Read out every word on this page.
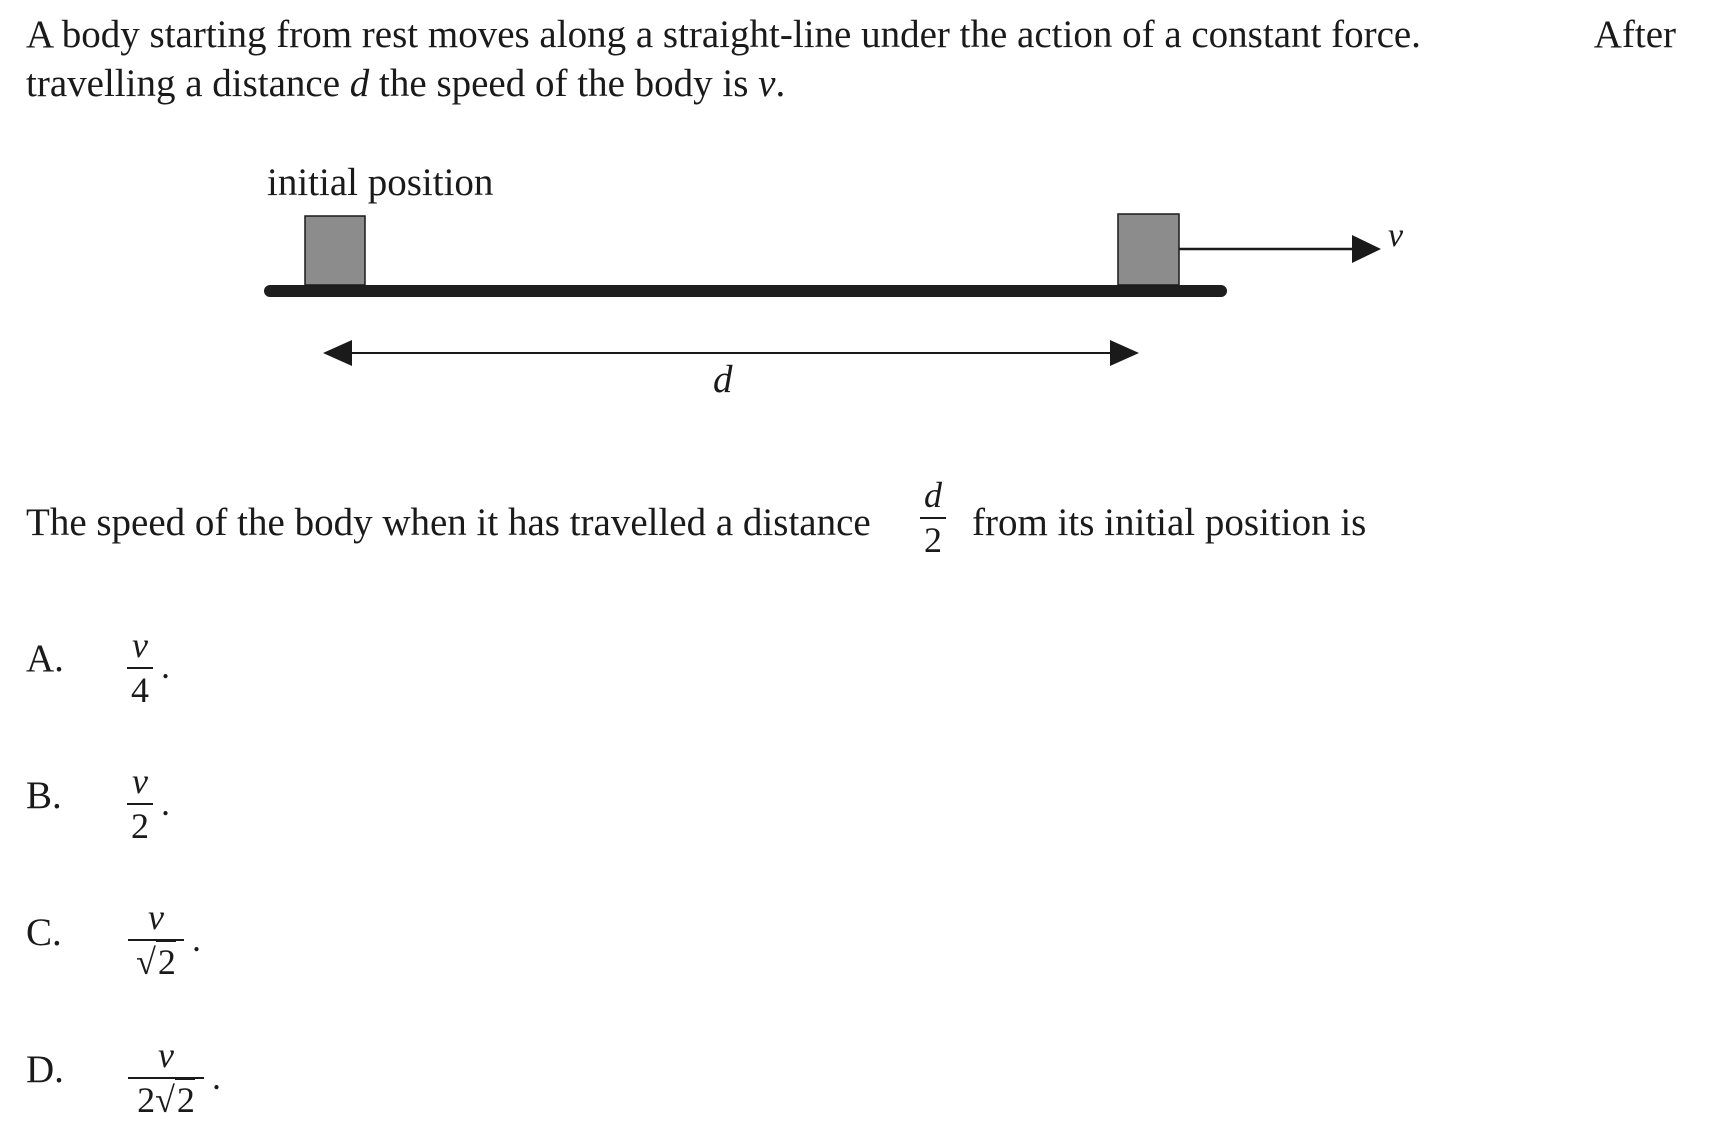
A body starting from rest moves along a straight-line under the action of a constant force.	After
travelling a distance d the speed of the body is v.
initial position
v
d
The speed of the body when it has travelled a distance
d
2 from its initial position is
A. v
4
.
B. v
2
.
C.	v
√2
.
D.	v
2√2
.
